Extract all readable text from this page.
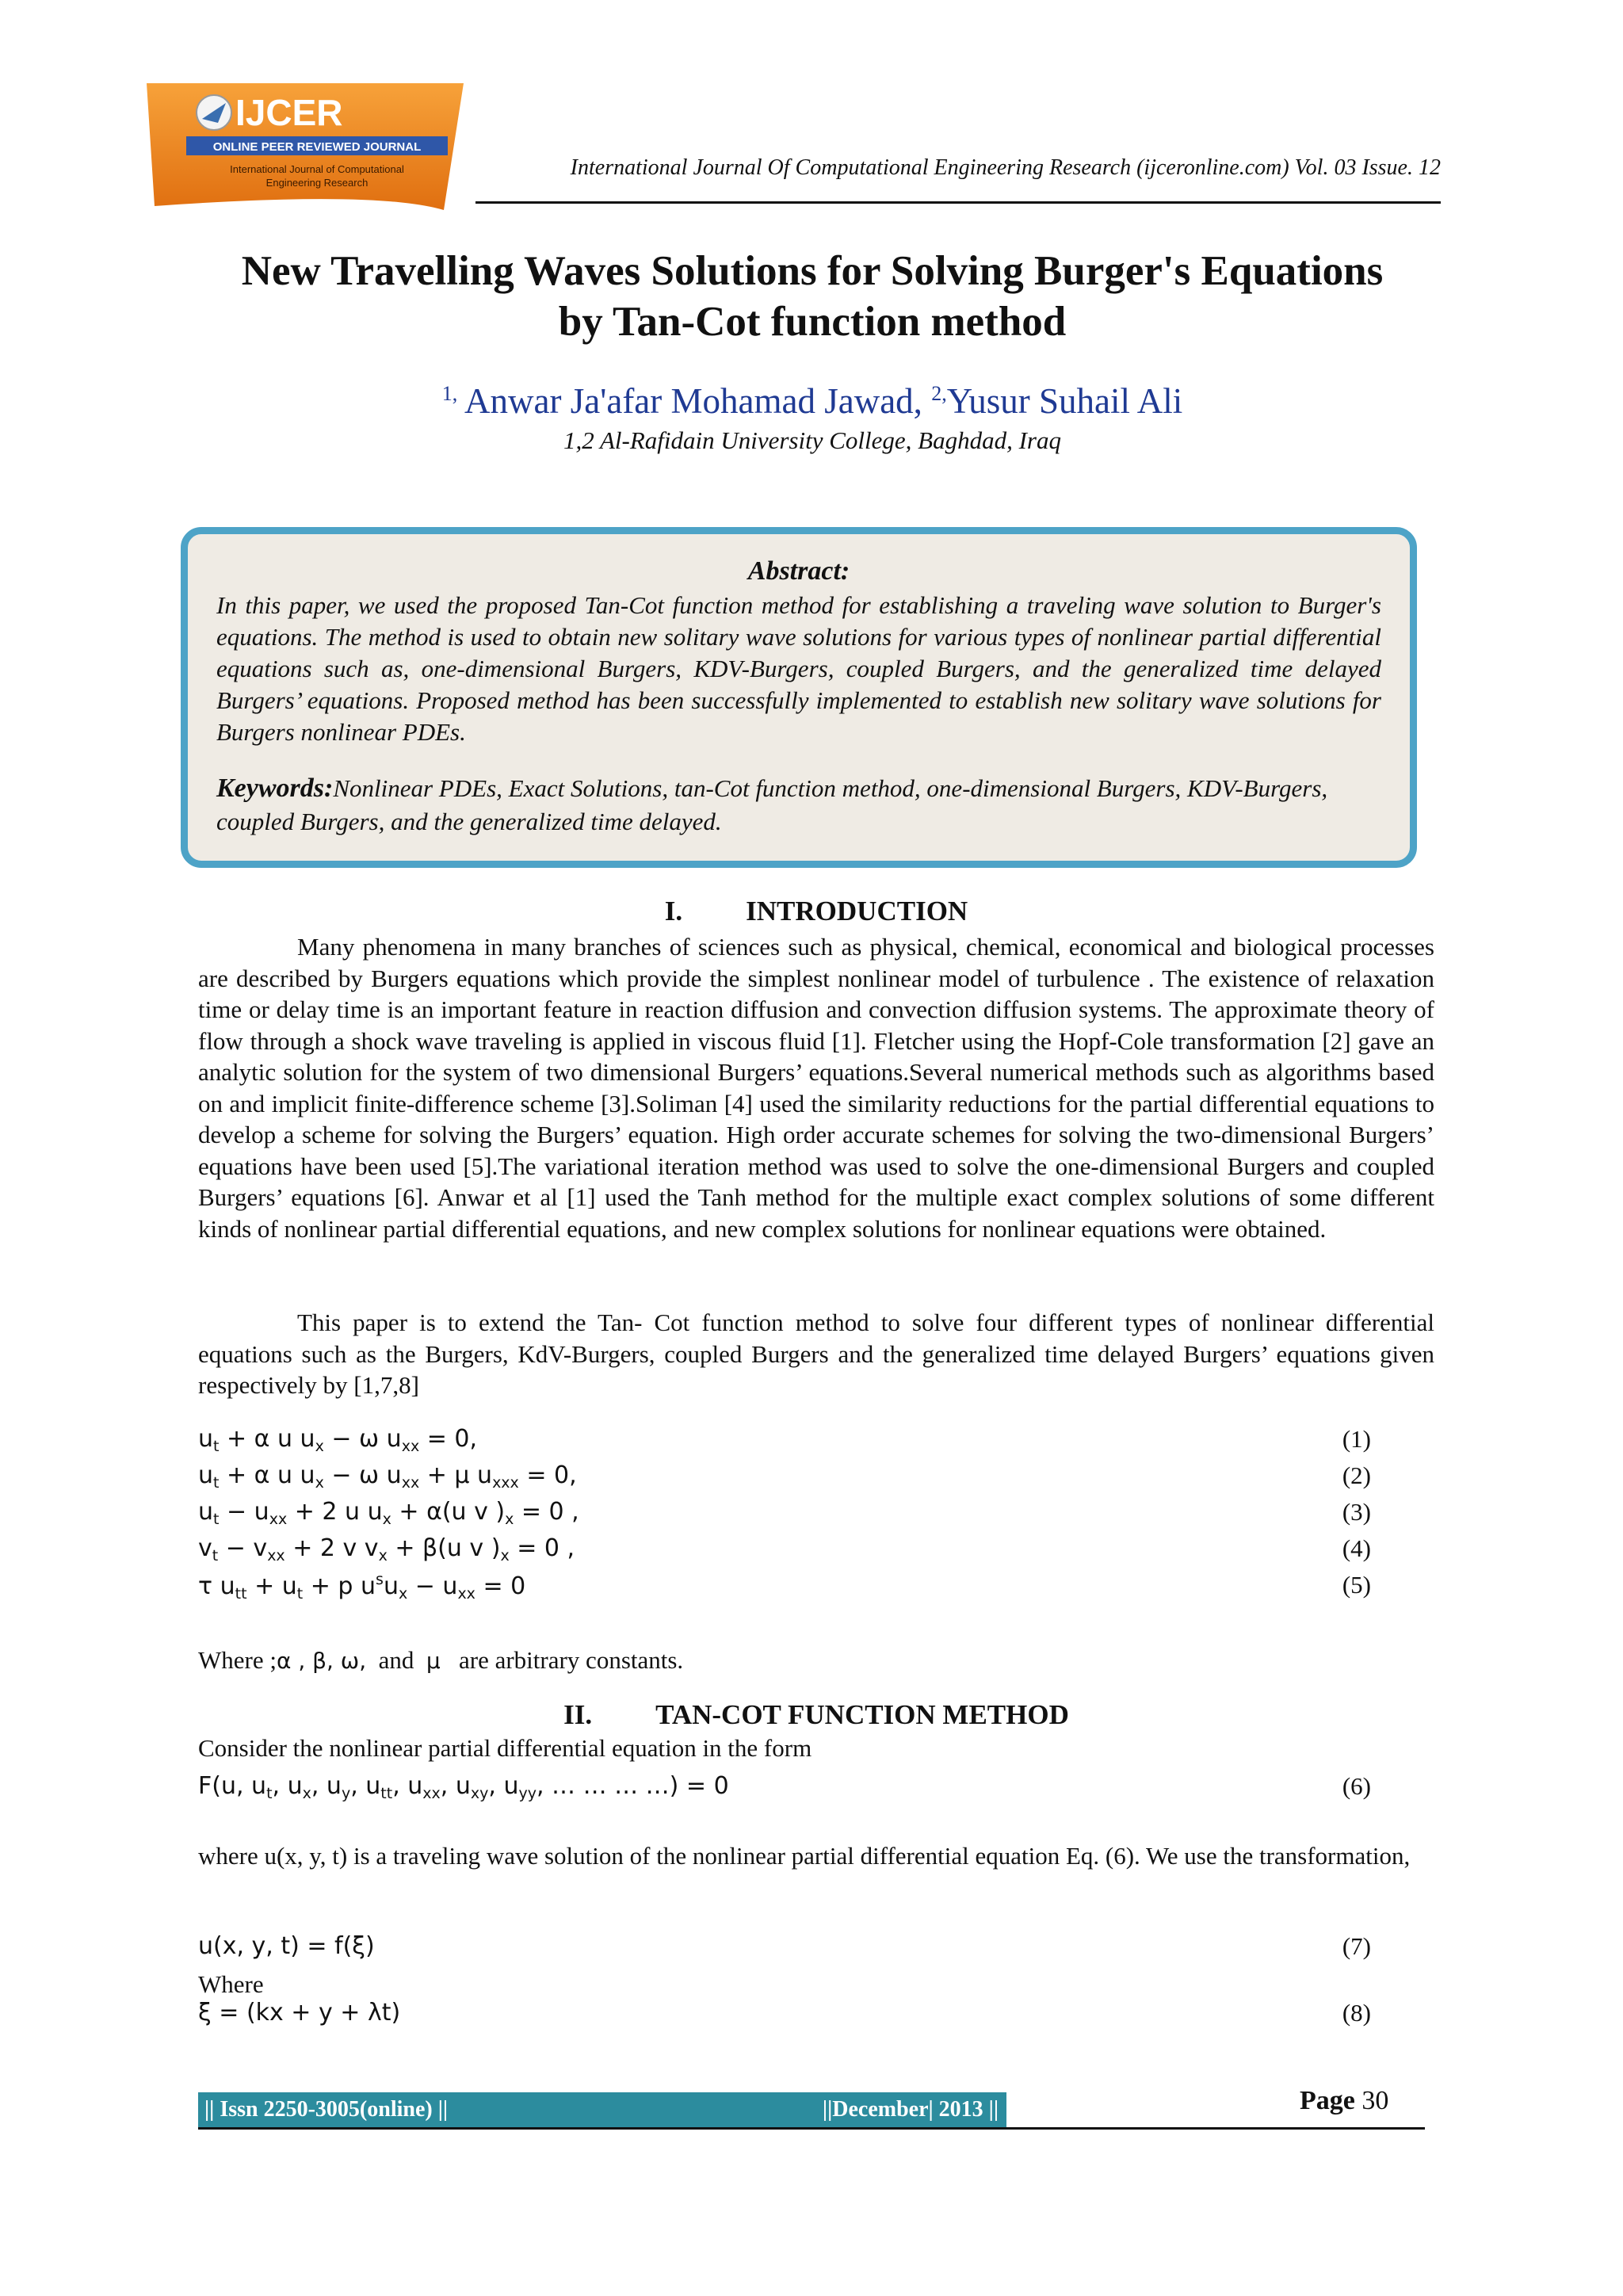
IJCER
ONLINE PEER REVIEWED JOURNAL
International Journal of Computational
Engineering Research
International Journal Of Computational Engineering Research (ijceronline.com) Vol. 03 Issue. 12
New Travelling Waves Solutions for Solving Burger's Equations
by Tan-Cot function method
$^{1,}$ Anwar Ja'afar Mohamad Jawad, $^{2,}$Yusur Suhail Ali
1,2 Al-Rafidain University College, Baghdad, Iraq
Abstract:

In this paper, we used the proposed Tan-Cot function method for establishing a traveling wave solution to Burger's equations. The method is used to obtain new solitary wave solutions for various types of nonlinear partial differential equations such as, one-dimensional Burgers, KDV-Burgers, coupled Burgers, and the generalized time delayed Burgers’ equations. Proposed method has been successfully implemented to establish new solitary wave solutions for Burgers nonlinear PDEs.

Keywords:Nonlinear PDEs, Exact Solutions, tan-Cot function method, one-dimensional Burgers, KDV-Burgers, coupled Burgers, and the generalized time delayed.

I. INTRODUCTION

Many phenomena in many branches of sciences such as physical, chemical, economical and biological processes are described by Burgers equations which provide the simplest nonlinear model of turbulence . The existence of relaxation time or delay time is an important feature in reaction diffusion and convection diffusion systems. The approximate theory of flow through a shock wave traveling is applied in viscous fluid [1]. Fletcher using the Hopf-Cole transformation [2] gave an analytic solution for the system of two dimensional Burgers’ equations.Several numerical methods such as algorithms based on and implicit finite-difference scheme [3].Soliman [4] used the similarity reductions for the partial differential equations to develop a scheme for solving the Burgers’ equation. High order accurate schemes for solving the two-dimensional Burgers’ equations have been used [5].The variational iteration method was used to solve the one-dimensional Burgers and coupled Burgers’ equations [6]. Anwar et al [1] used the Tanh method for the multiple exact complex solutions of some different kinds of nonlinear partial differential equations, and new complex solutions for nonlinear equations were obtained.

This paper is to extend the Tan- Cot function method to solve four different types of nonlinear differential equations such as the Burgers, KdV-Burgers, coupled Burgers and the generalized time delayed Burgers’ equations given respectively by [1,7,8]

$u_t + \alpha$ u $u_x - \omega$ $u_{xx} = 0$,	(1)
$u_t + \alpha$ u $u_x - \omega$ $u_{xx} + \mu$ $u_{xxx} = 0$,	(2)
$u_t - u_{xx} + 2$ u $u_x + \alpha(u$ v )$_x = 0$ ,	(3)
$v_t - v_{xx} + 2$ v $v_x + \beta(u$ v )$_x = 0$ ,	(4)
τ $u_{tt} + u_t + p$ $u^su_x - u_{xx} = 0$	(5)
Where ;α , β, ω, and μ are arbitrary constants.
II. TAN-COT FUNCTION METHOD

Consider the nonlinear partial differential equation in the form

F(u, $u_t$, $u_x$, $u_y$, $u_{tt}$, $u_{xx}$, $u_{xy}$, $u_{yy}$, … … … …) = 0	(6)

where u(x, y, t) is a traveling wave solution of the nonlinear partial differential equation Eq. (6). We use the transformation,

u(x, y, t) = f(ξ)	(7)

Where

ξ = (kx + y + λt)	(8)
|| Issn 2250-3005(online) ||	||December| 2013 ||	Page 30
